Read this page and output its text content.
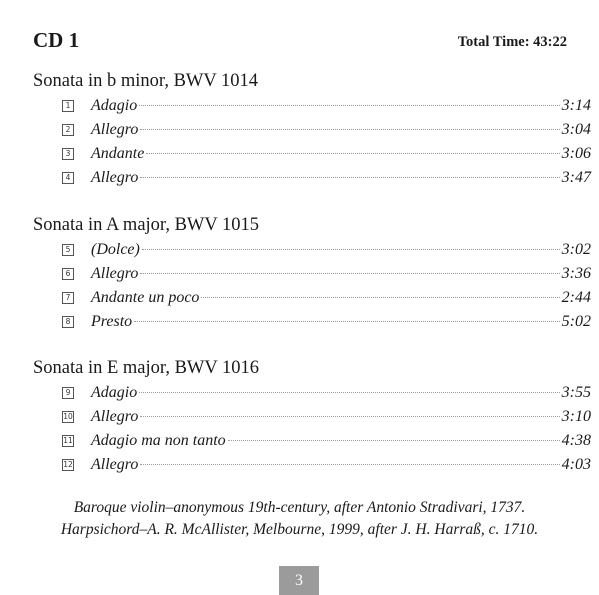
CD 1	Total Time: 43:22
Sonata in b minor, BWV 1014
1 Adagio	3:14
2 Allegro	3:04
3 Andante	3:06
4 Allegro	3:47
Sonata in A major, BWV 1015
5 (Dolce)	3:02
6 Allegro	3:36
7 Andante un poco	2:44
8 Presto	5:02
Sonata in E major, BWV 1016
9 Adagio	3:55
10 Allegro	3:10
11 Adagio ma non tanto	4:38
12 Allegro	4:03
Baroque violin–anonymous 19th-century, after Antonio Stradivari, 1737.
Harpsichord–A. R. McAllister, Melbourne, 1999, after J. H. Harraß, c. 1710.
3
